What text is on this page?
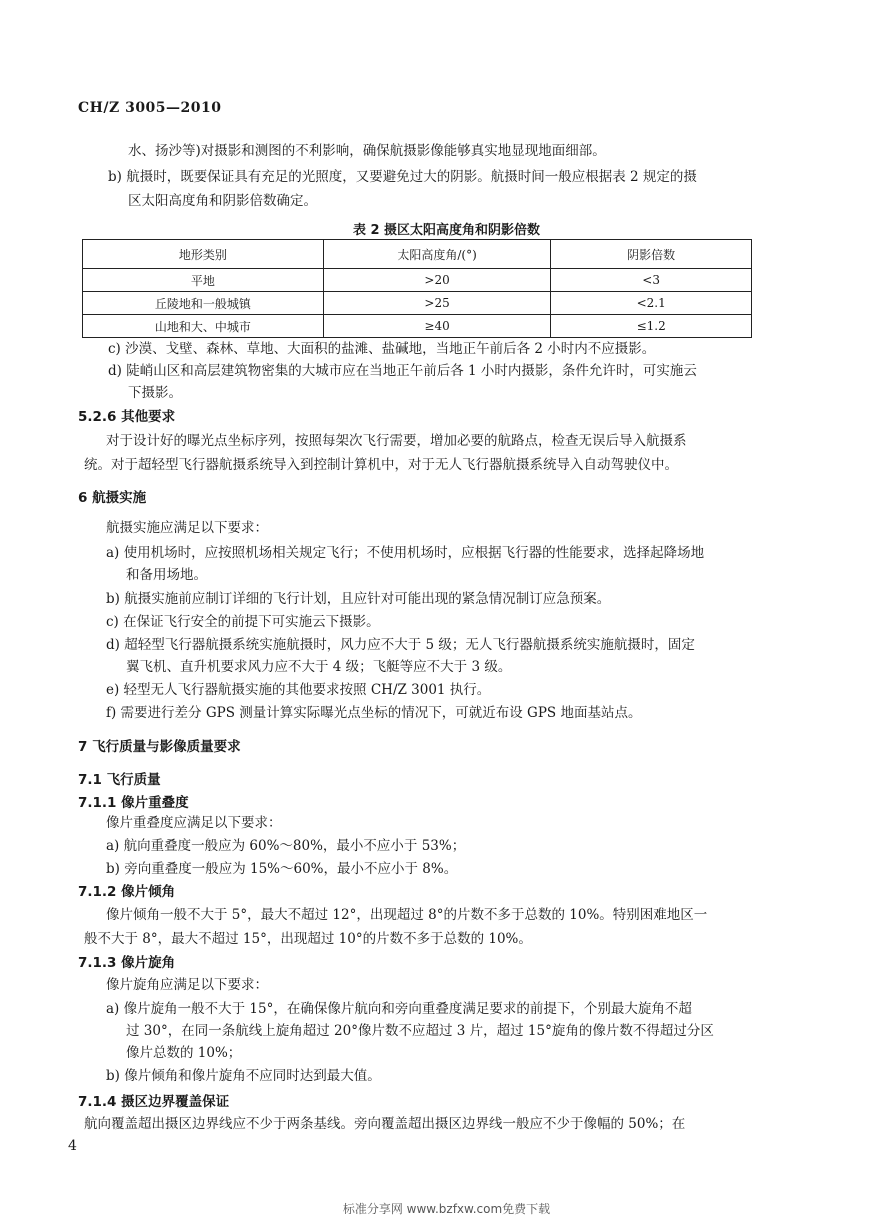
CH/Z 3005—2010
水、扬沙等)对摄影和测图的不利影响，确保航摄影像能够真实地显现地面细部。
b) 航摄时，既要保证具有充足的光照度，又要避免过大的阴影。航摄时间一般应根据表 2 规定的摄
区太阳高度角和阴影倍数确定。
表 2 摄区太阳高度角和阴影倍数
地形类别	太阳高度角/(°)	阴影倍数
平地	>20	<3
丘陵地和一般城镇	>25	<2.1
山地和大、中城市	≥40	≤1.2
c) 沙漠、戈壁、森林、草地、大面积的盐滩、盐碱地，当地正午前后各 2 小时内不应摄影。
d) 陡峭山区和高层建筑物密集的大城市应在当地正午前后各 1 小时内摄影，条件允许时，可实施云
下摄影。
5.2.6 其他要求
对于设计好的曝光点坐标序列，按照每架次飞行需要，增加必要的航路点，检查无误后导入航摄系
统。对于超轻型飞行器航摄系统导入到控制计算机中，对于无人飞行器航摄系统导入自动驾驶仪中。
6 航摄实施
航摄实施应满足以下要求：
a) 使用机场时，应按照机场相关规定飞行；不使用机场时，应根据飞行器的性能要求，选择起降场地
和备用场地。
b) 航摄实施前应制订详细的飞行计划，且应针对可能出现的紧急情况制订应急预案。
c) 在保证飞行安全的前提下可实施云下摄影。
d) 超轻型飞行器航摄系统实施航摄时，风力应不大于 5 级；无人飞行器航摄系统实施航摄时，固定
翼飞机、直升机要求风力应不大于 4 级；飞艇等应不大于 3 级。
e) 轻型无人飞行器航摄实施的其他要求按照 CH/Z 3001 执行。
f) 需要进行差分 GPS 测量计算实际曝光点坐标的情况下，可就近布设 GPS 地面基站点。
7 飞行质量与影像质量要求
7.1 飞行质量
7.1.1 像片重叠度
像片重叠度应满足以下要求：
a) 航向重叠度一般应为 60%～80%，最小不应小于 53%；
b) 旁向重叠度一般应为 15%～60%，最小不应小于 8%。
7.1.2 像片倾角
像片倾角一般不大于 5°，最大不超过 12°，出现超过 8°的片数不多于总数的 10%。特别困难地区一
般不大于 8°，最大不超过 15°，出现超过 10°的片数不多于总数的 10%。
7.1.3 像片旋角
像片旋角应满足以下要求：
a) 像片旋角一般不大于 15°，在确保像片航向和旁向重叠度满足要求的前提下，个别最大旋角不超
过 30°，在同一条航线上旋角超过 20°像片数不应超过 3 片，超过 15°旋角的像片数不得超过分区
像片总数的 10%；
b) 像片倾角和像片旋角不应同时达到最大值。
7.1.4 摄区边界覆盖保证
航向覆盖超出摄区边界线应不少于两条基线。旁向覆盖超出摄区边界线一般应不少于像幅的 50%；在
4
标准分享网 www.bzfxw.com免费下载
